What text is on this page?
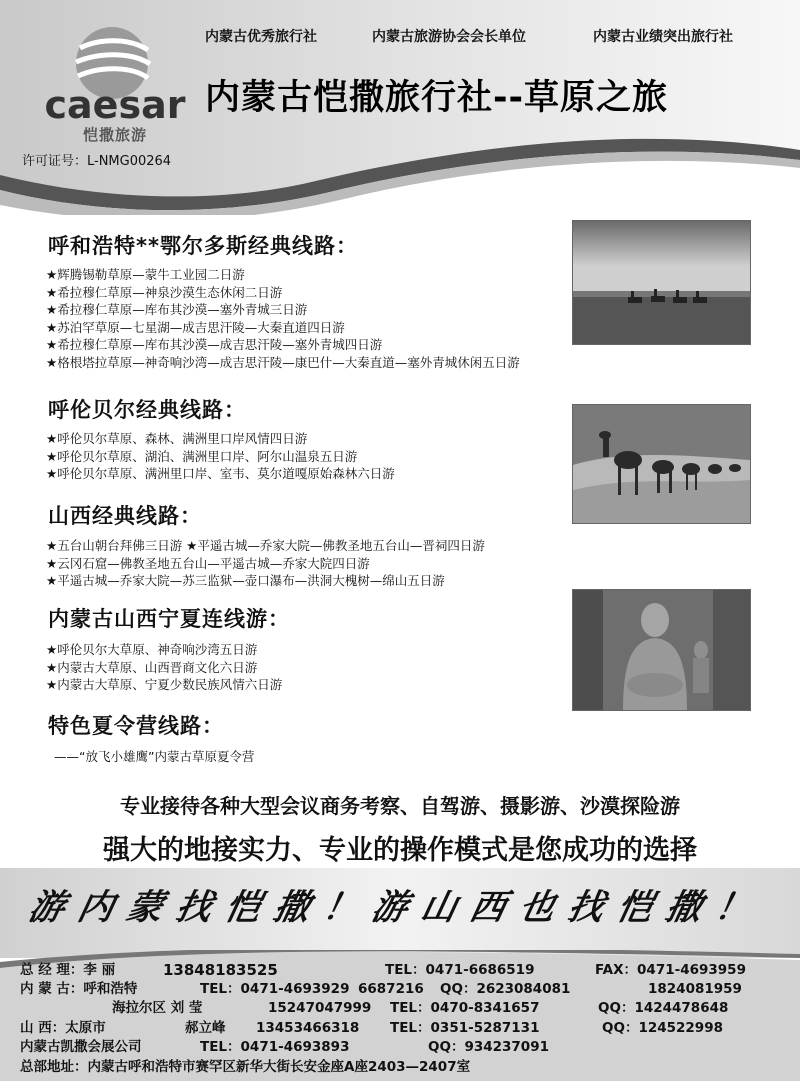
caesar
恺撒旅游
内蒙古优秀旅行社	内蒙古旅游协会会长单位	内蒙古业绩突出旅行社
内蒙古恺撒旅行社--草原之旅
许可证号：L-NMG00264
呼和浩特**鄂尔多斯经典线路：
★辉腾锡勒草原—蒙牛工业园二日游
★希拉穆仁草原—神泉沙漠生态休闲二日游
★希拉穆仁草原—库布其沙漠—塞外青城三日游
★苏泊罕草原—七星湖—成吉思汗陵—大秦直道四日游
★希拉穆仁草原—库布其沙漠—成吉思汗陵—塞外青城四日游
★格根塔拉草原—神奇响沙湾—成吉思汗陵—康巴什—大秦直道—塞外青城休闲五日游
呼伦贝尔经典线路：
★呼伦贝尔草原、森林、满洲里口岸风情四日游
★呼伦贝尔草原、湖泊、满洲里口岸、阿尔山温泉五日游
★呼伦贝尔草原、满洲里口岸、室韦、莫尔道嘎原始森林六日游
山西经典线路：
★五台山朝台拜佛三日游 ★平遥古城—乔家大院—佛教圣地五台山—晋祠四日游
★云冈石窟—佛教圣地五台山—平遥古城—乔家大院四日游
★平遥古城—乔家大院—苏三监狱—壶口瀑布—洪洞大槐树—绵山五日游
内蒙古山西宁夏连线游：
★呼伦贝尔大草原、神奇响沙湾五日游
★内蒙古大草原、山西晋商文化六日游
★内蒙古大草原、宁夏少数民族风情六日游
特色夏令营线路：
——“放飞小雄鹰”内蒙古草原夏令营
专业接待各种大型会议商务考察、自驾游、摄影游、沙漠探险游
强大的地接实力、专业的操作模式是您成功的选择
游内蒙找恺撒！游山西也找恺撒！
总 经 理：李 丽	13848183525	TEL：0471-6686519	FAX：0471-4693959
内 蒙 古：呼和浩特	TEL：0471-4693929 6687216 QQ：2623084081	1824081959
海拉尔区 刘 莹	15247047999 TEL：0470-8341657	QQ：1424478648
山 西：太原市	郝立峰 13453466318 TEL：0351-5287131	QQ：124522998
内蒙古凯撒会展公司	TEL：0471-4693893	QQ：934237091
总部地址：内蒙古呼和浩特市赛罕区新华大街长安金座A座2403—2407室
